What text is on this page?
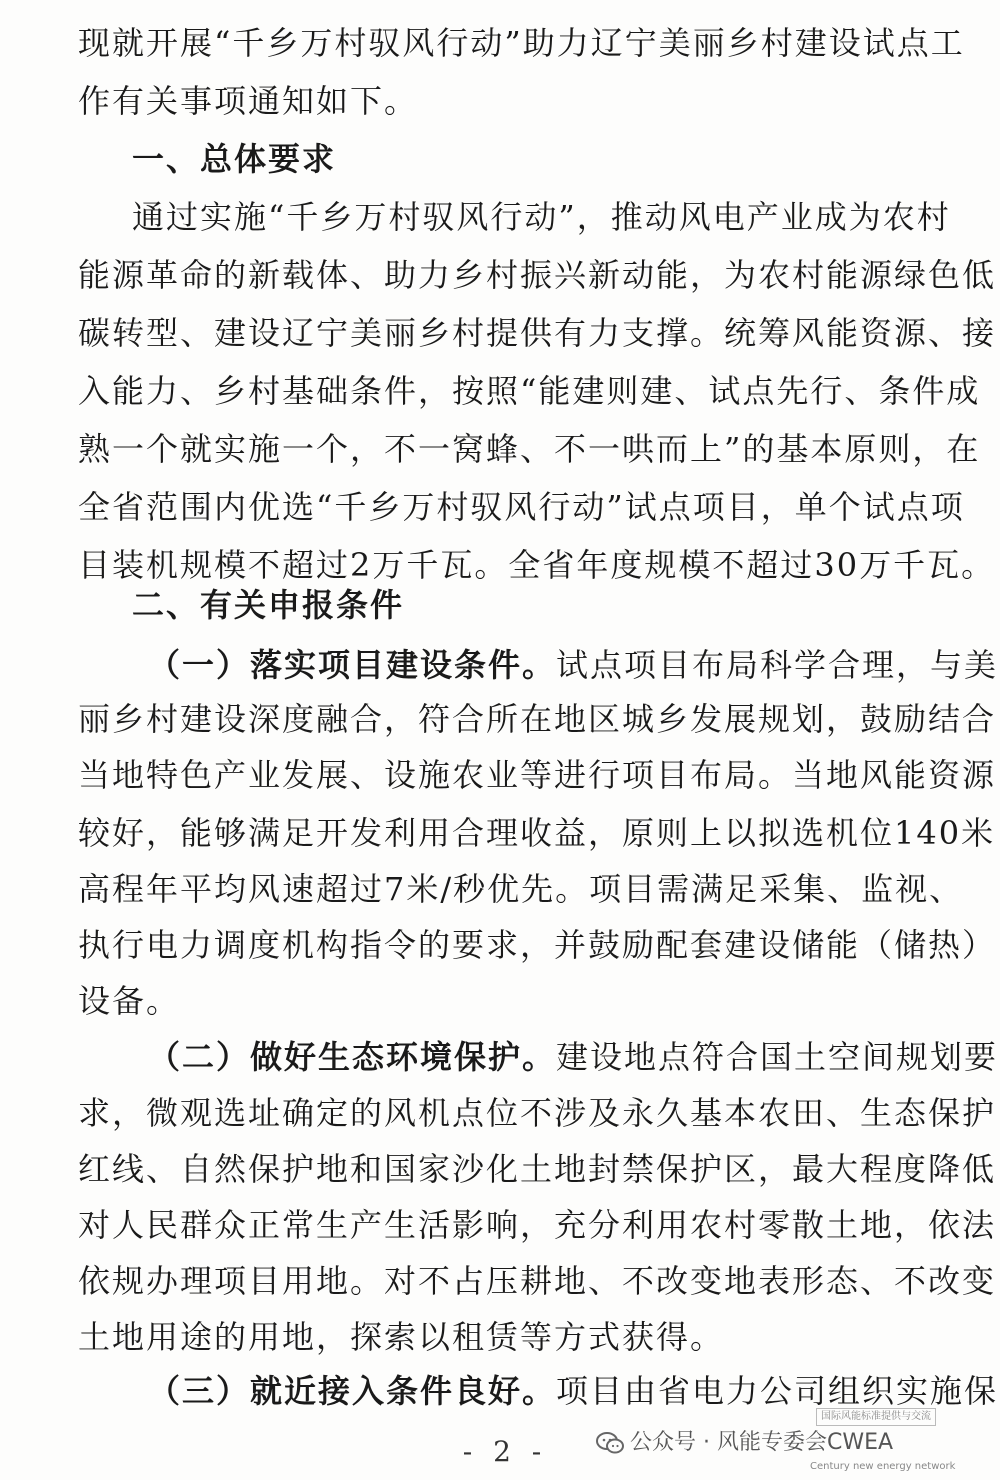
现就开展“千乡万村驭风行动”助力辽宁美丽乡村建设试点工
作有关事项通知如下。
一、总体要求
通过实施“千乡万村驭风行动”，推动风电产业成为农村
能源革命的新载体、助力乡村振兴新动能，为农村能源绿色低
碳转型、建设辽宁美丽乡村提供有力支撑。统筹风能资源、接
入能力、乡村基础条件，按照“能建则建、试点先行、条件成
熟一个就实施一个，不一窝蜂、不一哄而上”的基本原则，在
全省范围内优选“千乡万村驭风行动”试点项目，单个试点项
目装机规模不超过2万千瓦。全省年度规模不超过30万千瓦。
二、有关申报条件
（一）落实项目建设条件。试点项目布局科学合理，与美
丽乡村建设深度融合，符合所在地区城乡发展规划，鼓励结合
当地特色产业发展、设施农业等进行项目布局。当地风能资源
较好，能够满足开发利用合理收益，原则上以拟选机位140米
高程年平均风速超过7米/秒优先。项目需满足采集、监视、
执行电力调度机构指令的要求，并鼓励配套建设储能（储热）
设备。
（二）做好生态环境保护。建设地点符合国土空间规划要
求，微观选址确定的风机点位不涉及永久基本农田、生态保护
红线、自然保护地和国家沙化土地封禁保护区，最大程度降低
对人民群众正常生产生活影响，充分利用农村零散土地，依法
依规办理项目用地。对不占压耕地、不改变地表形态、不改变
土地用途的用地，探索以租赁等方式获得。
（三）就近接入条件良好。项目由省电力公司组织实施保
- 2 -
国际风能标准提供与交流
公众号 · 风能专委会CWEA
Century new energy network
